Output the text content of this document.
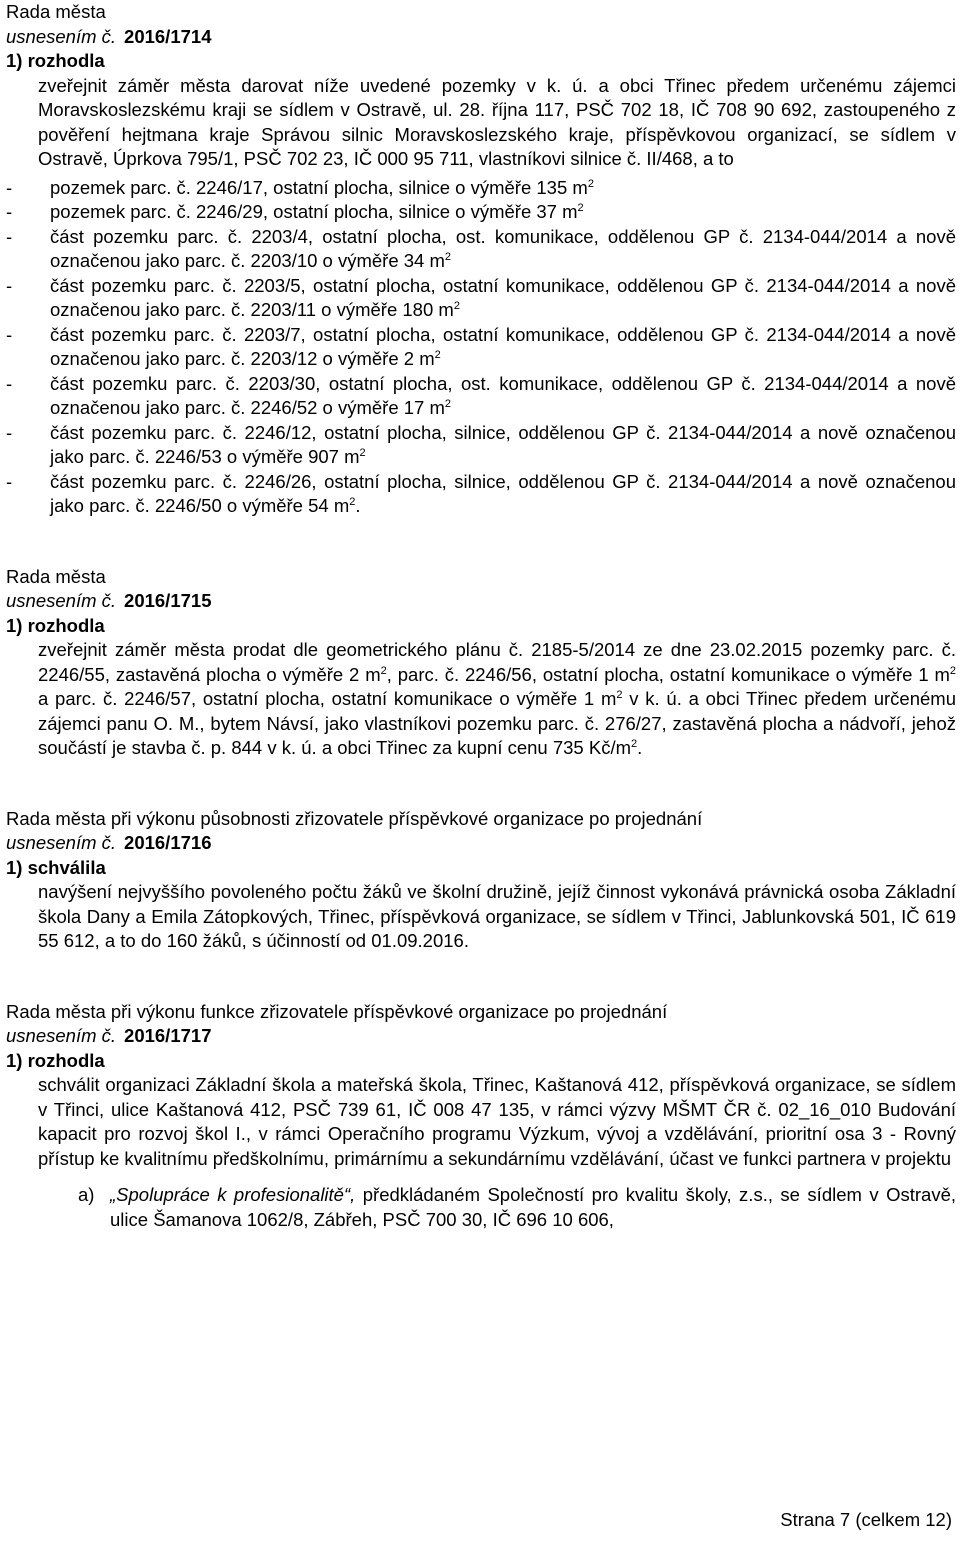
Rada města
usnesením č. 2016/1714
1) rozhodla
zveřejnit záměr města darovat níže uvedené pozemky v k. ú. a obci Třinec předem určenému zájemci Moravskoslezskému kraji se sídlem v Ostravě, ul. 28. října 117, PSČ 702 18, IČ 708 90 692, zastoupeného z pověření hejtmana kraje Správou silnic Moravskoslezského kraje, příspěvkovou organizací, se sídlem v Ostravě, Úprkova 795/1, PSČ 702 23, IČ 000 95 711, vlastníkovi silnice č. II/468, a to
- pozemek parc. č. 2246/17, ostatní plocha, silnice o výměře 135 $m^2$
- pozemek parc. č. 2246/29, ostatní plocha, silnice o výměře 37 $m^2$
- část pozemku parc. č. 2203/4, ostatní plocha, ost. komunikace, oddělenou GP č. 2134-044/2014 a nově označenou jako parc. č. 2203/10 o výměře 34 $m^2$
- část pozemku parc. č. 2203/5, ostatní plocha, ostatní komunikace, oddělenou GP č. 2134-044/2014 a nově označenou jako parc. č. 2203/11 o výměře 180 $m^2$
- část pozemku parc. č. 2203/7, ostatní plocha, ostatní komunikace, oddělenou GP č. 2134-044/2014 a nově označenou jako parc. č. 2203/12 o výměře 2 $m^2$
- část pozemku parc. č. 2203/30, ostatní plocha, ost. komunikace, oddělenou GP č. 2134-044/2014 a nově označenou jako parc. č. 2246/52 o výměře 17 $m^2$
- část pozemku parc. č. 2246/12, ostatní plocha, silnice, oddělenou GP č. 2134-044/2014 a nově označenou jako parc. č. 2246/53 o výměře 907 $m^2$
- část pozemku parc. č. 2246/26, ostatní plocha, silnice, oddělenou GP č. 2134-044/2014 a nově označenou jako parc. č. 2246/50 o výměře 54 $m^2$.
Rada města
usnesením č. 2016/1715
1) rozhodla
zveřejnit záměr města prodat dle geometrického plánu č. 2185-5/2014 ze dne 23.02.2015 pozemky parc. č. 2246/55, zastavěná plocha o výměře 2 $m^2$, parc. č. 2246/56, ostatní plocha, ostatní komunikace o výměře 1 $m^2$ a parc. č. 2246/57, ostatní plocha, ostatní komunikace o výměře 1 $m^2$ v k. ú. a obci Třinec předem určenému zájemci panu O. M., bytem Návsí, jako vlastníkovi pozemku parc. č. 276/27, zastavěná plocha a nádvoří, jehož součástí je stavba č. p. 844 v k. ú. a obci Třinec za kupní cenu 735 $Kč/m^2$.
Rada města při výkonu působnosti zřizovatele příspěvkové organizace po projednání
usnesením č. 2016/1716
1) schválila
navýšení nejvyššího povoleného počtu žáků ve školní družině, jejíž činnost vykonává právnická osoba Základní škola Dany a Emila Zátopkových, Třinec, příspěvková organizace, se sídlem v Třinci, Jablunkovská 501, IČ 619 55 612, a to do 160 žáků, s účinností od 01.09.2016.
Rada města při výkonu funkce zřizovatele příspěvkové organizace po projednání
usnesením č. 2016/1717
1) rozhodla
schválit organizaci Základní škola a mateřská škola, Třinec, Kaštanová 412, příspěvková organizace, se sídlem v Třinci, ulice Kaštanová 412, PSČ 739 61, IČ 008 47 135, v rámci výzvy MŠMT ČR č. 02_16_010 Budování kapacit pro rozvoj škol I., v rámci Operačního programu Výzkum, vývoj a vzdělávání, prioritní osa 3 - Rovný přístup ke kvalitnímu předškolnímu, primárnímu a sekundárnímu vzdělávání, účast ve funkci partnera v projektu
a) „Spolupráce k profesionalitě“, předkládaném Společností pro kvalitu školy, z.s., se sídlem v Ostravě, ulice Šamanova 1062/8, Zábřeh, PSČ 700 30, IČ 696 10 606,
Strana 7 (celkem 12)
